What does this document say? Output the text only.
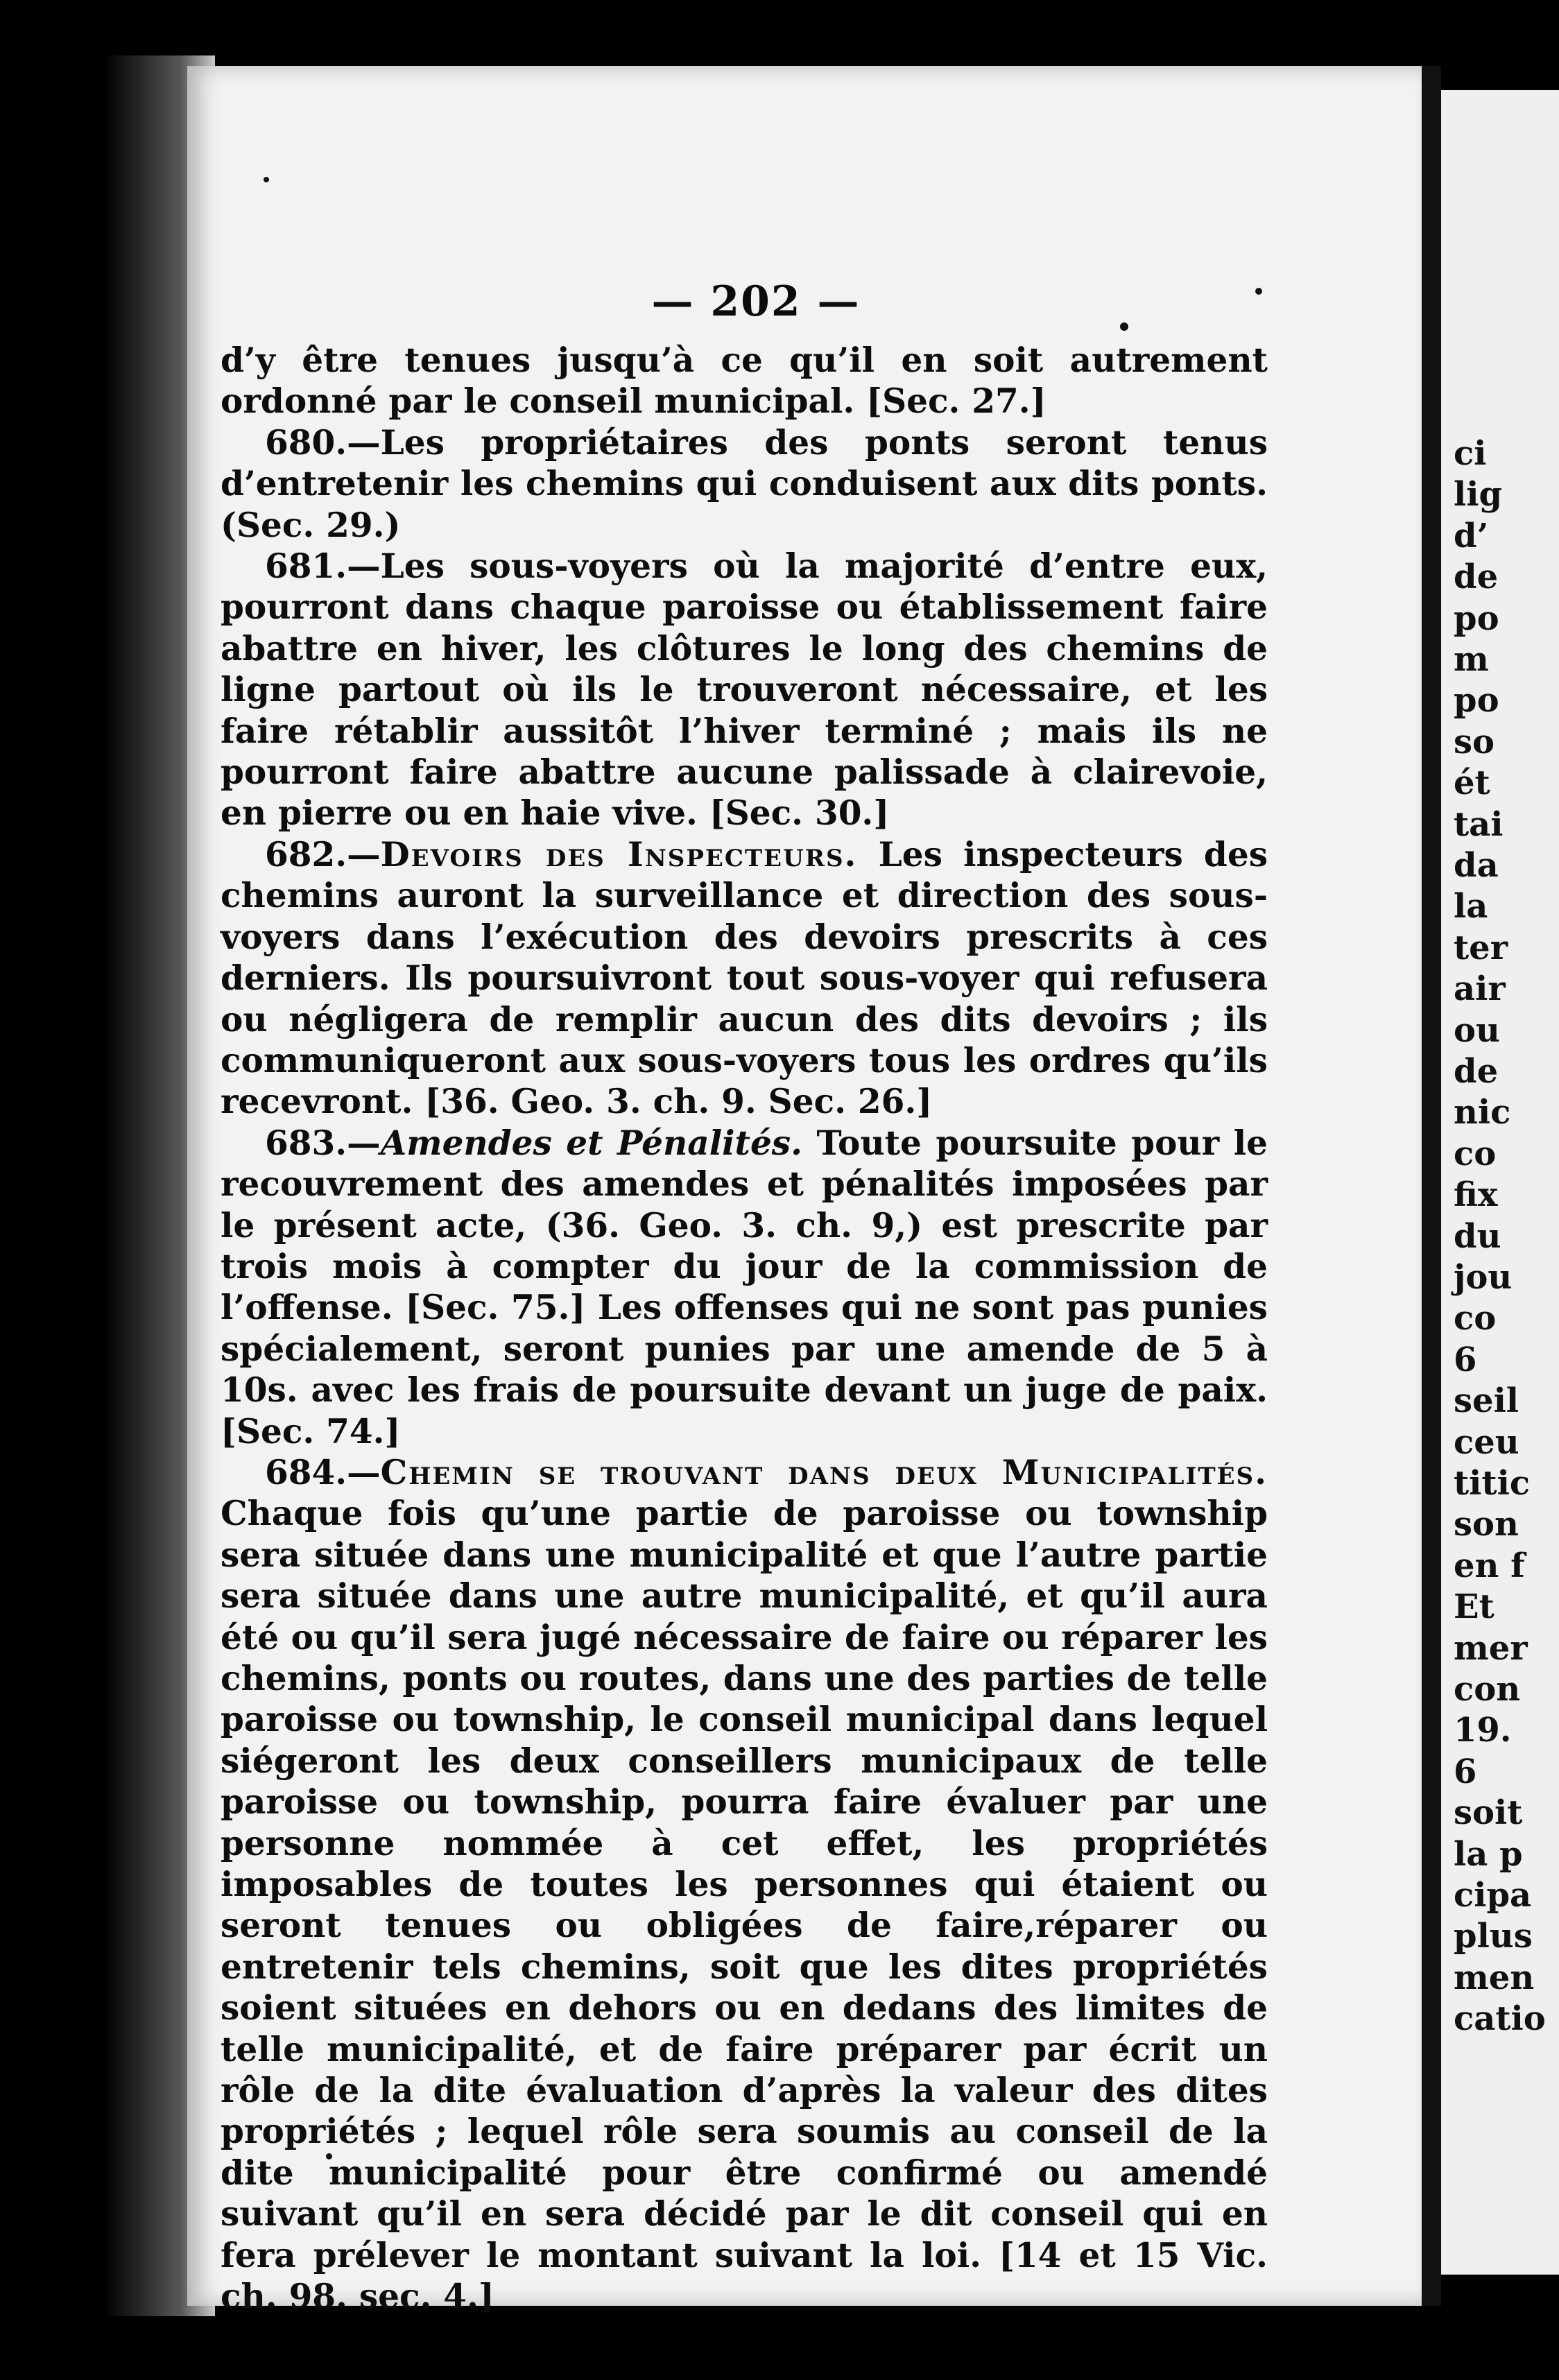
— 202 —

d’y être tenues jusqu’à ce qu’il en soit autrement ordonné par le conseil municipal. [Sec. 27.]

680.—Les propriétaires des ponts seront tenus d’entretenir les chemins qui conduisent aux dits ponts. (Sec. 29.)

681.—Les sous-voyers où la majorité d’entre eux, pourront dans chaque paroisse ou établissement faire abattre en hiver, les clôtures le long des chemins de ligne partout où ils le trouveront nécessaire, et les faire rétablir aussitôt l’hiver terminé ; mais ils ne pourront faire abattre aucune palissade à clairevoie, en pierre ou en haie vive. [Sec. 30.]

682.—Devoirs des Inspecteurs. Les inspecteurs des chemins auront la surveillance et direction des sous-voyers dans l’exécution des devoirs prescrits à ces derniers. Ils poursuivront tout sous-voyer qui refusera ou négligera de remplir aucun des dits devoirs ; ils communiqueront aux sous-voyers tous les ordres qu’ils recevront. [36. Geo. 3. ch. 9. Sec. 26.]

683.—Amendes et Pénalités. Toute poursuite pour le recouvrement des amendes et pénalités imposées par le présent acte, (36. Geo. 3. ch. 9,) est prescrite par trois mois à compter du jour de la commission de l’offense. [Sec. 75.] Les offenses qui ne sont pas punies spécialement, seront punies par une amende de 5 à 10s. avec les frais de poursuite devant un juge de paix. [Sec. 74.]

684.—Chemin se trouvant dans deux Municipalités. Chaque fois qu’une partie de paroisse ou township sera située dans une municipalité et que l’autre partie sera située dans une autre municipalité, et qu’il aura été ou qu’il sera jugé nécessaire de faire ou réparer les chemins, ponts ou routes, dans une des parties de telle paroisse ou township, le conseil municipal dans lequel siégeront les deux conseillers municipaux de telle paroisse ou township, pourra faire évaluer par une personne nommée à cet effet, les propriétés imposables de toutes les personnes qui étaient ou seront tenues ou obligées de faire,réparer ou entretenir tels chemins, soit que les dites propriétés soient situées en dehors ou en dedans des limites de telle municipalité, et de faire préparer par écrit un rôle de la dite évaluation d’après la valeur des dites propriétés ; lequel rôle sera soumis au conseil de la dite municipalité pour être confirmé ou amendé suivant qu’il en sera décidé par le dit conseil qui en fera prélever le montant suivant la loi. [14 et 15 Vic. ch. 98. sec. 4.]

ci
lig
d’
de
po
m
po
so
ét
tai
da
la
ter
air
ou
de
nic
co
fix
du
jou
co
6
seil
ceu
titic
son
en f
Et
mer
con
19.
6
soit
la p
cipa
plus
men
catio
